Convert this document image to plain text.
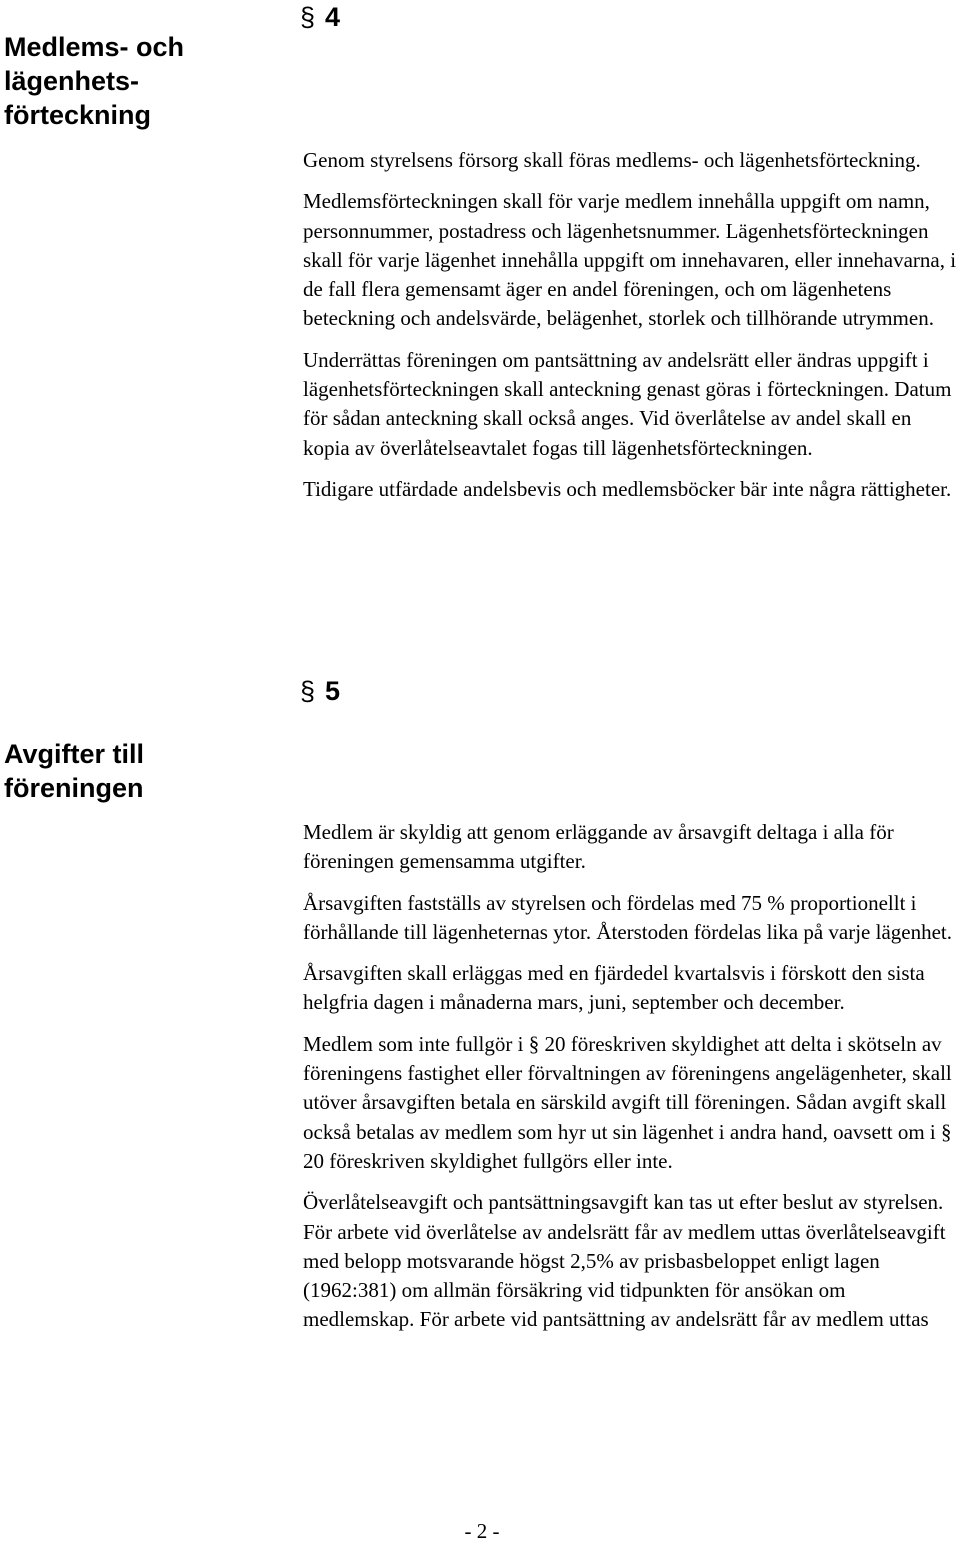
Medlems- och lägenhets- förteckning
Avgifter till föreningen
§ 4

Genom styrelsens försorg skall föras medlems- och lägenhetsförteckning.

Medlemsförteckningen skall för varje medlem innehålla uppgift om namn, personnummer, postadress och lägenhetsnummer. Lägenhetsförteckningen skall för varje lägenhet innehålla uppgift om innehavaren, eller innehavarna, i de fall flera gemensamt äger en andel föreningen, och om lägenhetens beteckning och andelsvärde, belägenhet, storlek och tillhörande utrymmen.

Underrättas föreningen om pantsättning av andelsrätt eller ändras uppgift i lägenhetsförteckningen skall anteckning genast göras i förteckningen. Datum för sådan anteckning skall också anges. Vid överlåtelse av andel skall en kopia av överlåtelseavtalet fogas till lägenhetsförteckningen.

Tidigare utfärdade andelsbevis och medlemsböcker bär inte några rättigheter.

§ 5

Medlem är skyldig att genom erläggande av årsavgift deltaga i alla för föreningen gemensamma utgifter.

Årsavgiften fastställs av styrelsen och fördelas med 75 % proportionellt i förhållande till lägenheternas ytor. Återstoden fördelas lika på varje lägenhet.

Årsavgiften skall erläggas med en fjärdedel kvartalsvis i förskott den sista helgfria dagen i månaderna mars, juni, september och december.

Medlem som inte fullgör i § 20 föreskriven skyldighet att delta i skötseln av föreningens fastighet eller förvaltningen av föreningens angelägenheter, skall utöver årsavgiften betala en särskild avgift till föreningen. Sådan avgift skall också betalas av medlem som hyr ut sin lägenhet i andra hand, oavsett om i § 20 föreskriven skyldighet fullgörs eller inte.

Överlåtelseavgift och pantsättningsavgift kan tas ut efter beslut av styrelsen. För arbete vid överlåtelse av andelsrätt får av medlem uttas överlåtelseavgift med belopp motsvarande högst 2,5% av prisbasbeloppet enligt lagen (1962:381) om allmän försäkring vid tidpunkten för ansökan om medlemskap. För arbete vid pantsättning av andelsrätt får av medlem uttas

- 2 -
